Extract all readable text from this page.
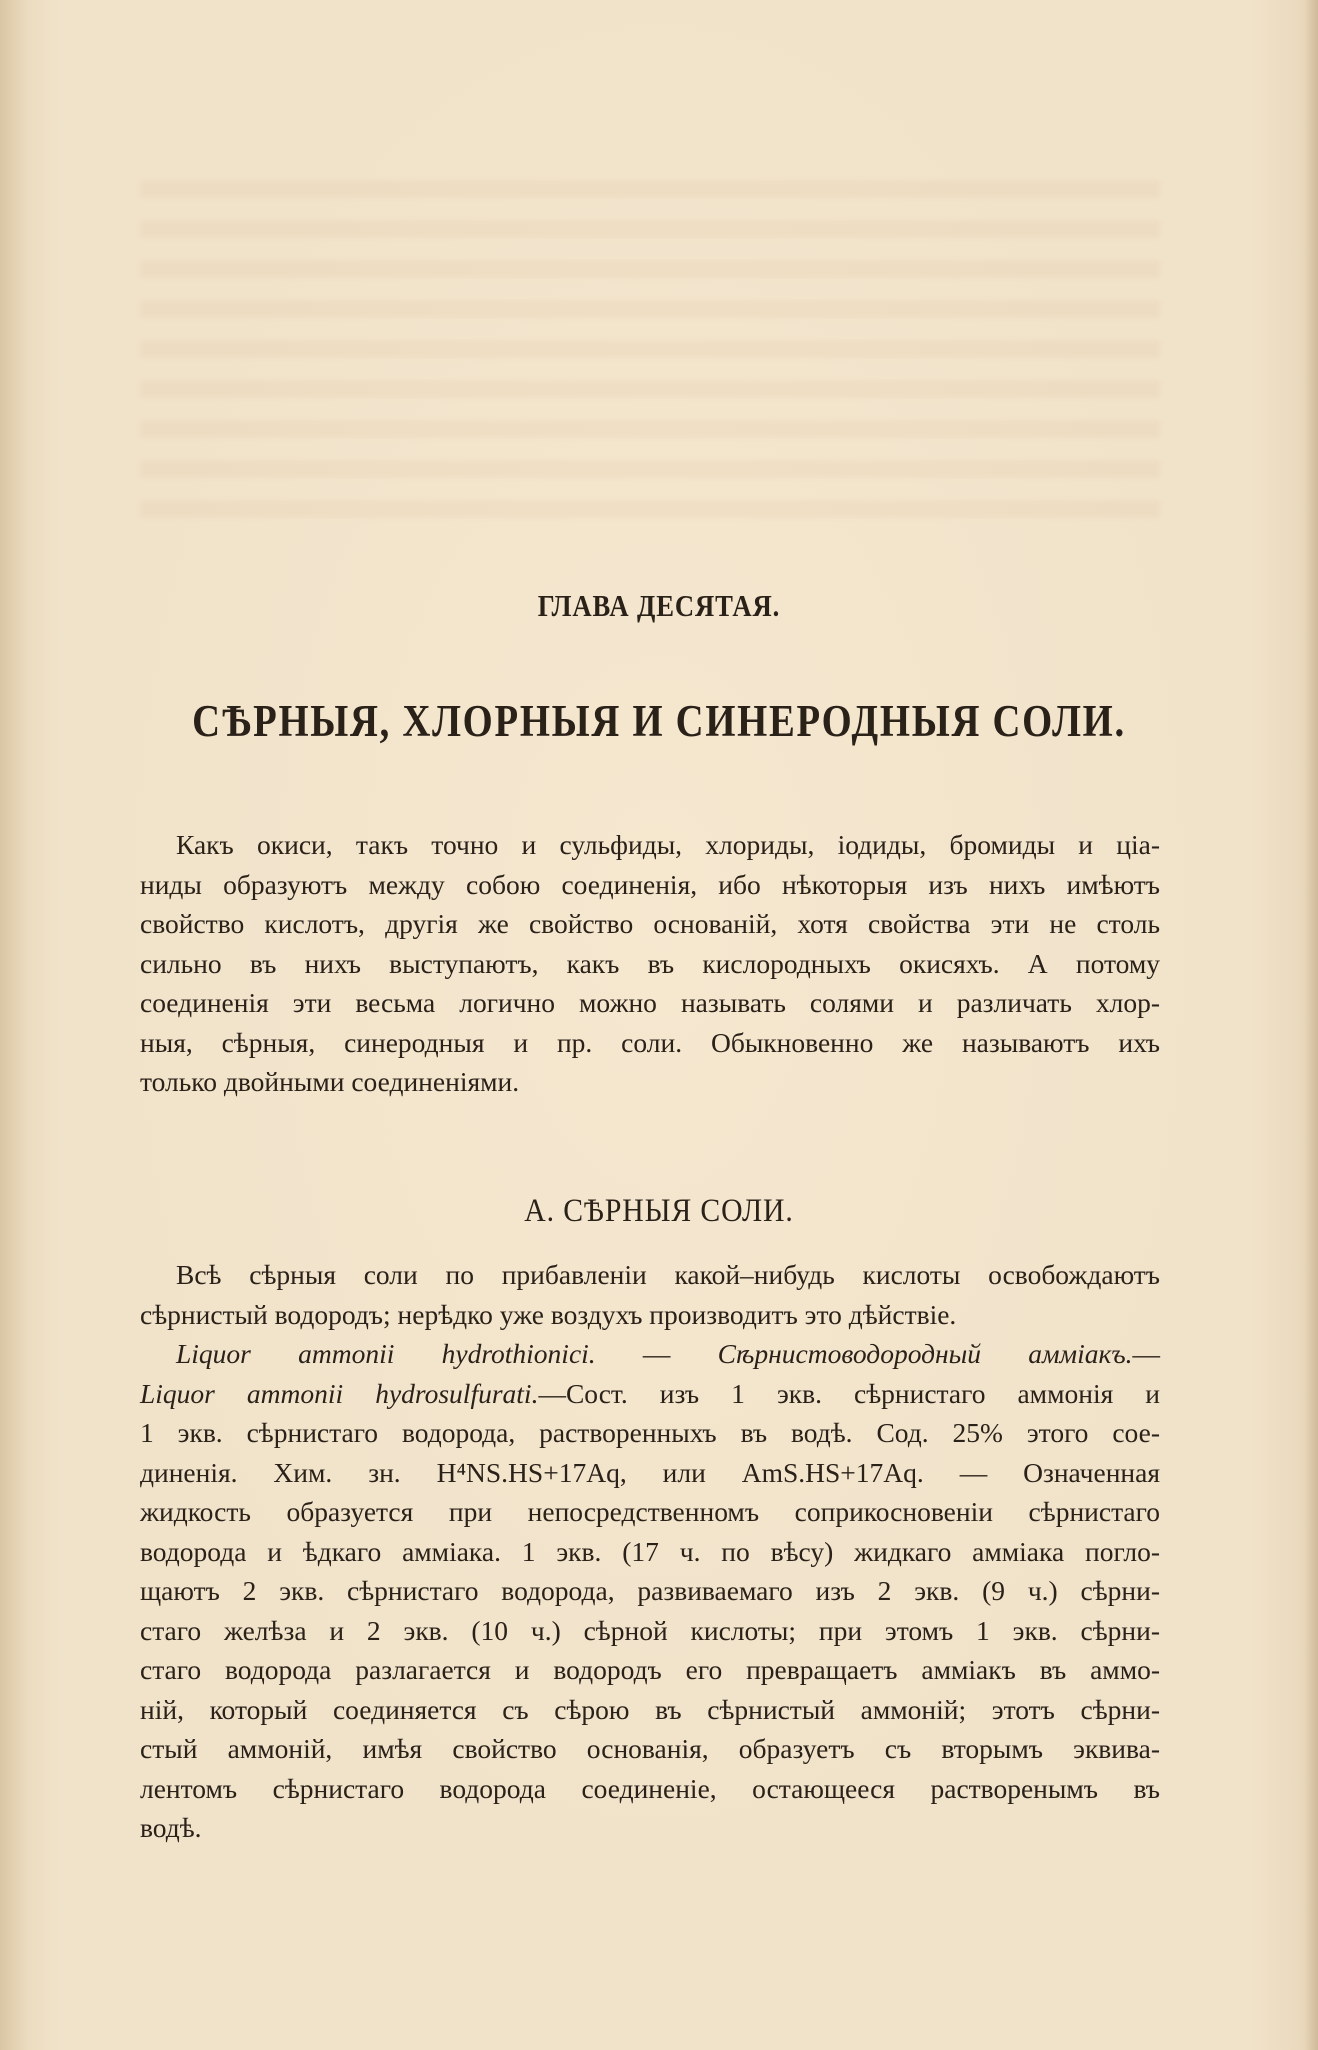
ГЛАВА ДЕСЯТАЯ.
СѢРНЫЯ, ХЛОРНЫЯ И СИНЕРОДНЫЯ СОЛИ.
Какъ окиси, такъ точно и сульфиды, хлориды, іодиды, бромиды и ціа-
ниды образуютъ между собою соединенія, ибо нѣкоторыя изъ нихъ имѣютъ
свойство кислотъ, другія же свойство основаній, хотя свойства эти не столь
сильно въ нихъ выступаютъ, какъ въ кислородныхъ окисяхъ. А потому
соединенія эти весьма логично можно называть солями и различать хлор-
ныя, сѣрныя, синеродныя и пр. соли. Обыкновенно же называютъ ихъ
только двойными соединеніями.
А. СѢРНЫЯ СОЛИ.
Всѣ сѣрныя соли по прибавленіи какой–нибудь кислоты освобождаютъ
сѣрнистый водородъ; нерѣдко уже воздухъ производитъ это дѣйствіе.
Liquor ammonii hydrothionici. — Сѣрнистоводородный амміакъ.—
Liquor ammonii hydrosulfurati.—Сост. изъ 1 экв. сѣрнистаго аммонія и
1 экв. сѣрнистаго водорода, растворенныхъ въ водѣ. Сод. 25% этого сое-
диненія. Хим. зн. H⁴NS.HS+17Aq, или AmS.HS+17Aq. — Означенная
жидкость образуется при непосредственномъ соприкосновеніи сѣрнистаго
водорода и ѣдкаго амміака. 1 экв. (17 ч. по вѣсу) жидкаго амміака погло-
щаютъ 2 экв. сѣрнистаго водорода, развиваемаго изъ 2 экв. (9 ч.) сѣрни-
стаго желѣза и 2 экв. (10 ч.) сѣрной кислоты; при этомъ 1 экв. сѣрни-
стаго водорода разлагается и водородъ его превращаетъ амміакъ въ аммо-
ній, который соединяется съ сѣрою въ сѣрнистый аммоній; этотъ сѣрни-
стый аммоній, имѣя свойство основанія, образуетъ съ вторымъ эквива-
лентомъ сѣрнистаго водорода соединеніе, остающееся растворенымъ въ
водѣ.
